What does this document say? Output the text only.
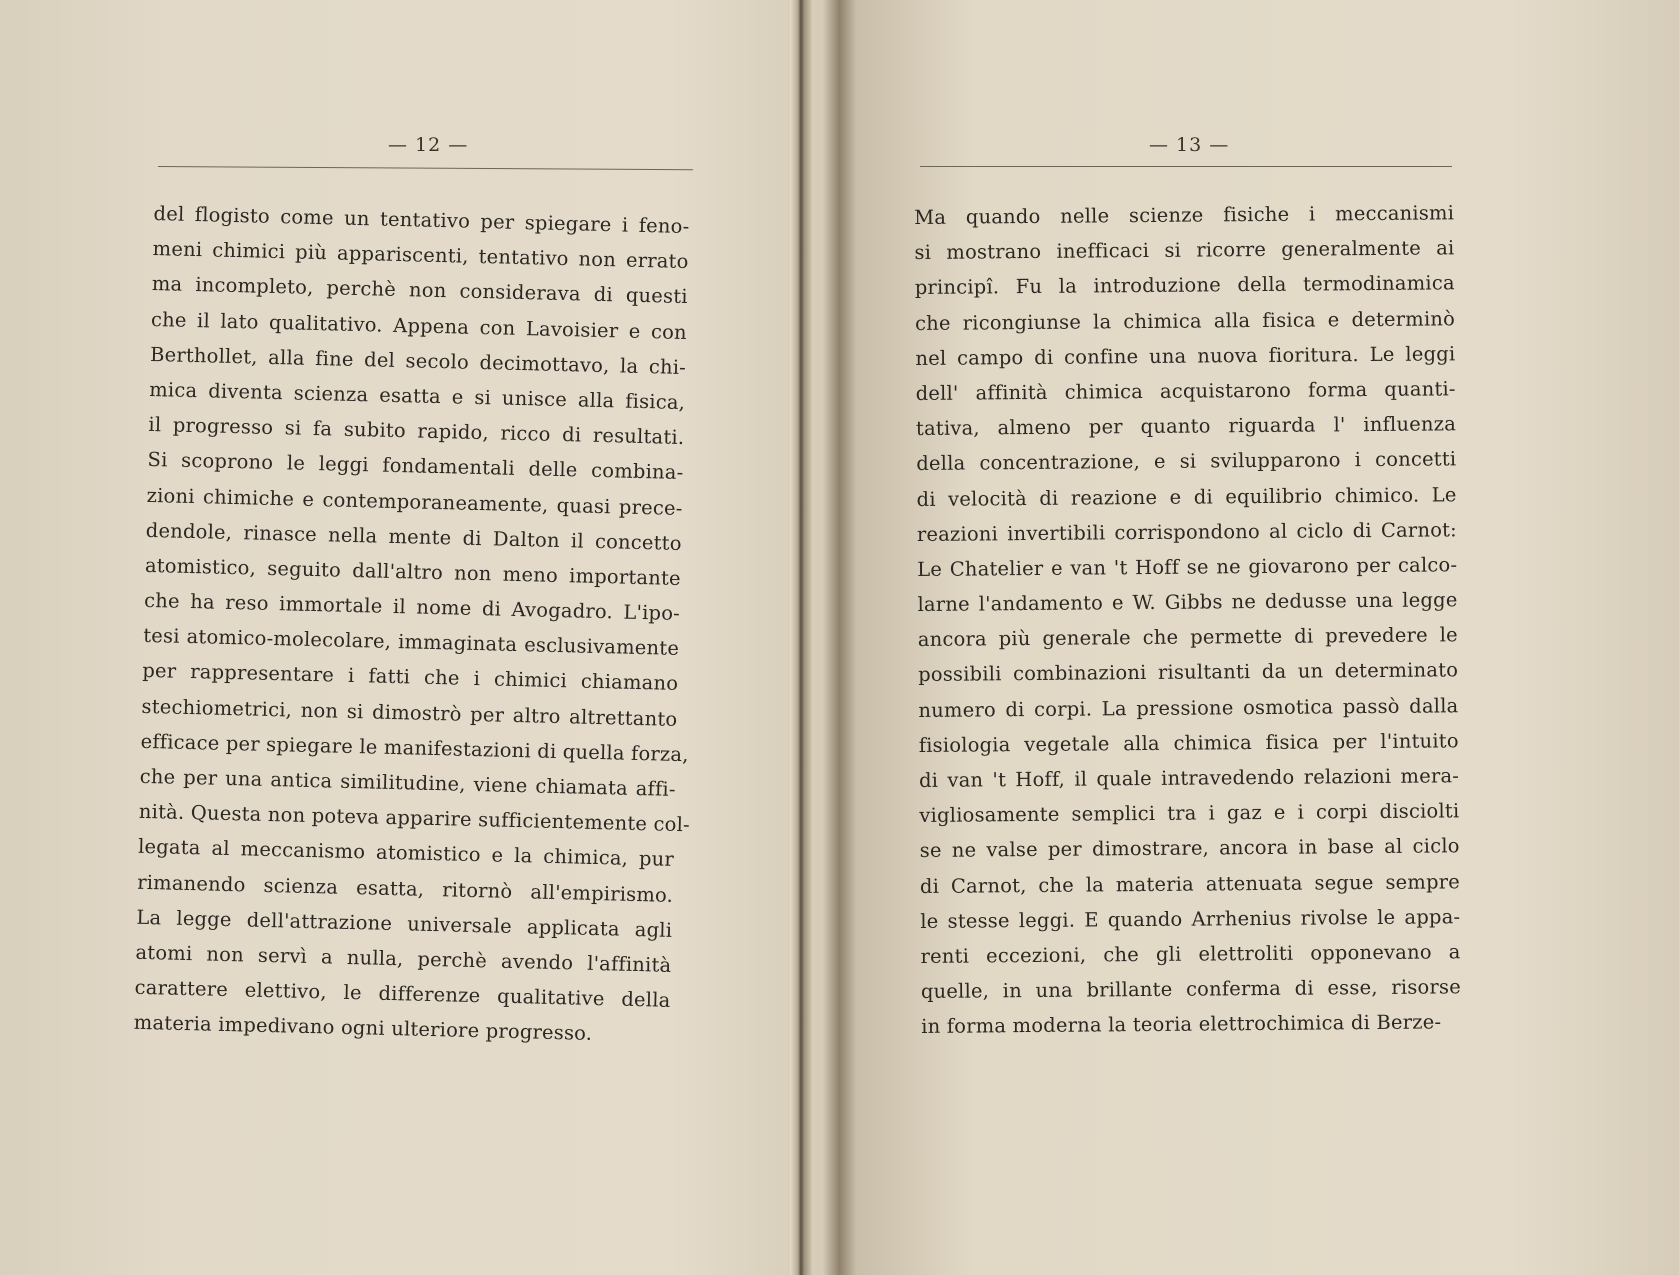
— 12 —
del flogisto come un tentativo per spiegare i feno-
meni chimici più appariscenti, tentativo non errato
ma incompleto, perchè non considerava di questi
che il lato qualitativo. Appena con Lavoisier e con
Berthollet, alla fine del secolo decimottavo, la chi-
mica diventa scienza esatta e si unisce alla fisica,
il progresso si fa subito rapido, ricco di resultati.
Si scoprono le leggi fondamentali delle combina-
zioni chimiche e contemporaneamente, quasi prece-
dendole, rinasce nella mente di Dalton il concetto
atomistico, seguito dall'altro non meno importante
che ha reso immortale il nome di Avogadro. L'ipo-
tesi atomico-molecolare, immaginata esclusivamente
per rappresentare i fatti che i chimici chiamano
stechiometrici, non si dimostrò per altro altrettanto
efficace per spiegare le manifestazioni di quella forza,
che per una antica similitudine, viene chiamata affi-
nità. Questa non poteva apparire sufficientemente col-
legata al meccanismo atomistico e la chimica, pur
rimanendo scienza esatta, ritornò all'empirismo.
La legge dell'attrazione universale applicata agli
atomi non servì a nulla, perchè avendo l'affinità
carattere elettivo, le differenze qualitative della
materia impedivano ogni ulteriore progresso.
— 13 —
Ma quando nelle scienze fisiche i meccanismi
si mostrano inefficaci si ricorre generalmente ai
principî. Fu la introduzione della termodinamica
che ricongiunse la chimica alla fisica e determinò
nel campo di confine una nuova fioritura. Le leggi
dell' affinità chimica acquistarono forma quanti-
tativa, almeno per quanto riguarda l' influenza
della concentrazione, e si svilupparono i concetti
di velocità di reazione e di equilibrio chimico. Le
reazioni invertibili corrispondono al ciclo di Carnot:
Le Chatelier e van 't Hoff se ne giovarono per calco-
larne l'andamento e W. Gibbs ne dedusse una legge
ancora più generale che permette di prevedere le
possibili combinazioni risultanti da un determinato
numero di corpi. La pressione osmotica passò dalla
fisiologia vegetale alla chimica fisica per l'intuito
di van 't Hoff, il quale intravedendo relazioni mera-
vigliosamente semplici tra i gaz e i corpi disciolti
se ne valse per dimostrare, ancora in base al ciclo
di Carnot, che la materia attenuata segue sempre
le stesse leggi. E quando Arrhenius rivolse le appa-
renti eccezioni, che gli elettroliti opponevano a
quelle, in una brillante conferma di esse, risorse
in forma moderna la teoria elettrochimica di Berze-
